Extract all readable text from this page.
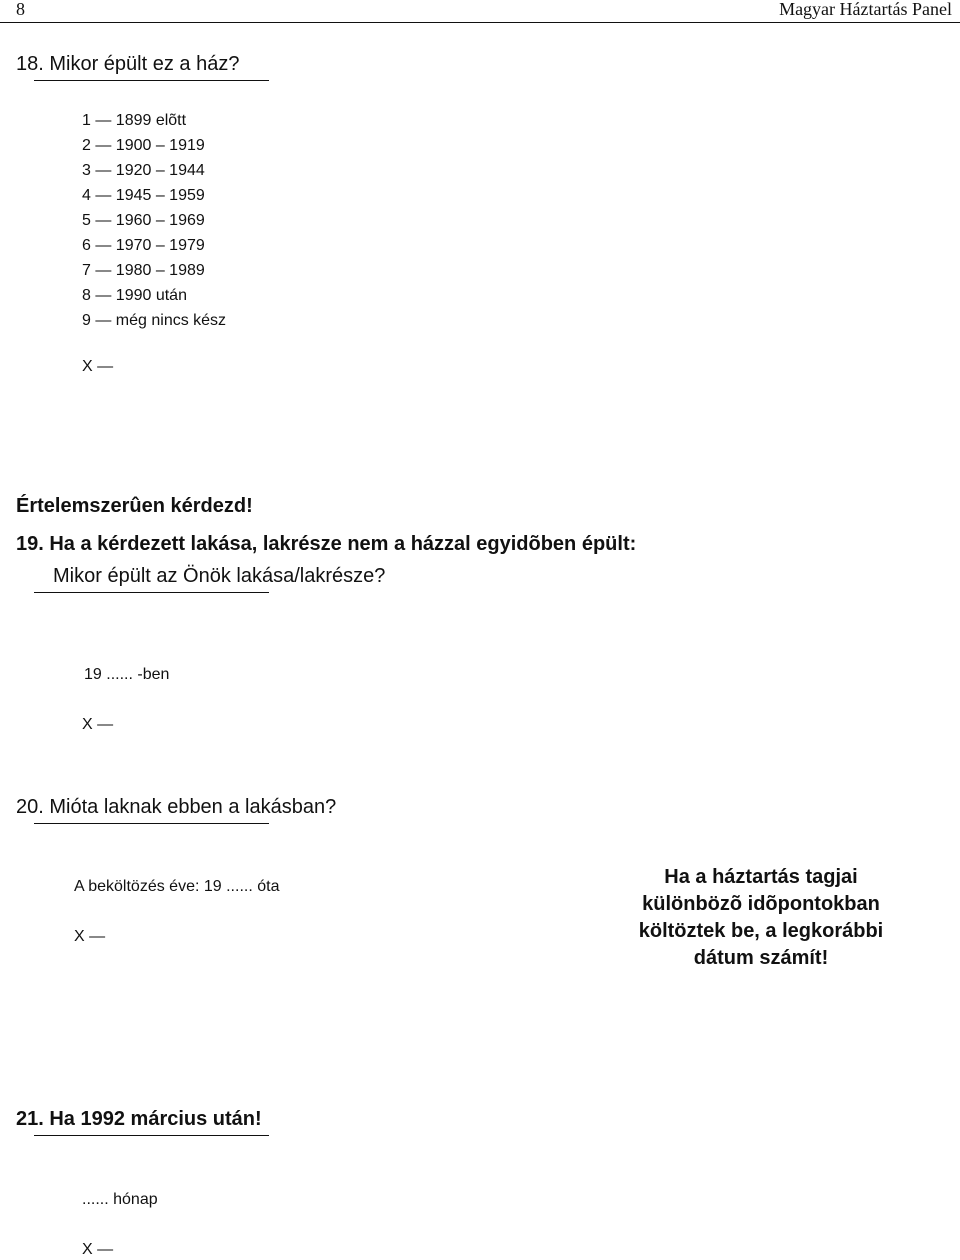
8	Magyar Háztartás Panel
18. Mikor épült ez a ház?
1 — 1899 elõtt
2 — 1900 – 1919
3 — 1920 – 1944
4 — 1945 – 1959
5 — 1960 – 1969
6 — 1970 – 1979
7 — 1980 – 1989
8 — 1990 után
9 — még nincs kész
X —
Értelemszerûen kérdezd!
19. Ha a kérdezett lakása, lakrésze nem a házzal egyidõben épült:
Mikor épült az Önök lakása/lakrésze?
19 ...... -ben
X —
20. Mióta laknak ebben a lakásban?
A beköltözés éve: 19 ...... óta
X —
Ha a háztartás tagjai
különbözõ idõpontokban
költöztek be, a legkorábbi
dátum számít!
21. Ha 1992 március után!
...... hónap
X —
